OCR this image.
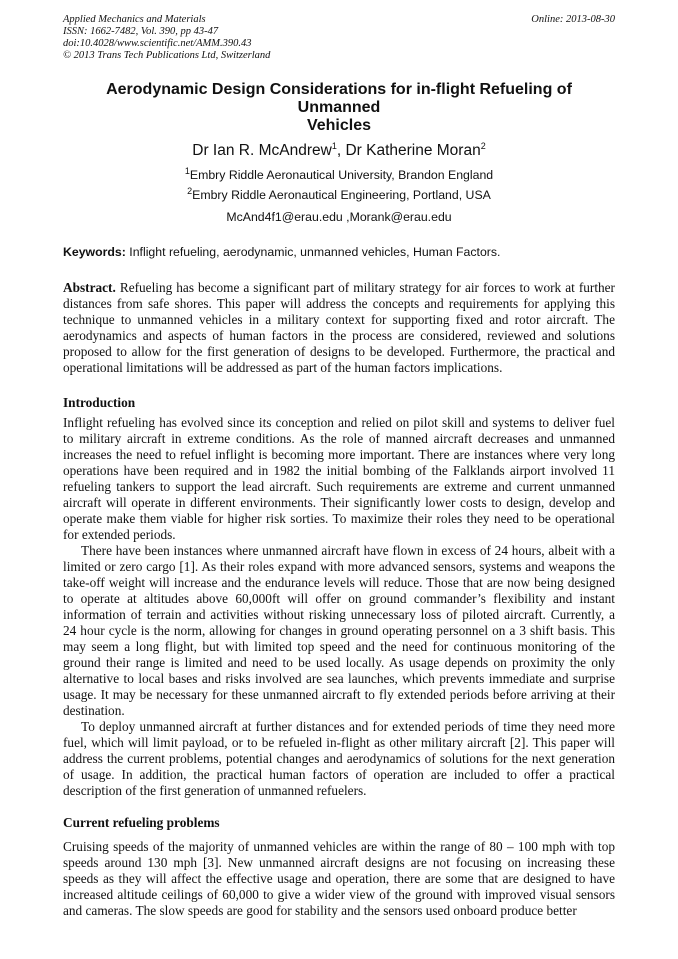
Online: 2013-08-30
Applied Mechanics and Materials
ISSN: 1662-7482, Vol. 390, pp 43-47
doi:10.4028/www.scientific.net/AMM.390.43
© 2013 Trans Tech Publications Ltd, Switzerland
Aerodynamic Design Considerations for in-flight Refueling of Unmanned
Vehicles
Dr Ian R. McAndrew$^1$, Dr Katherine Moran$^2$
$^1$Embry Riddle Aeronautical University, Brandon England
$^2$Embry Riddle Aeronautical Engineering, Portland, USA
McAnd4f1@erau.edu ,Morank@erau.edu
Keywords: Inflight refueling, aerodynamic, unmanned vehicles, Human Factors.
Abstract. Refueling has become a significant part of military strategy for air forces to work at further
distances from safe shores. This paper will address the concepts and requirements for applying this
technique to unmanned vehicles in a military context for supporting fixed and rotor aircraft. The
aerodynamics and aspects of human factors in the process are considered, reviewed and solutions
proposed to allow for the first generation of designs to be developed. Furthermore, the practical and
operational limitations will be addressed as part of the human factors implications.
Introduction
Inflight refueling has evolved since its conception and relied on pilot skill and systems to deliver fuel
to military aircraft in extreme conditions. As the role of manned aircraft decreases and unmanned
increases the need to refuel inflight is becoming more important. There are instances where very long
operations have been required and in 1982 the initial bombing of the Falklands airport involved 11
refueling tankers to support the lead aircraft. Such requirements are extreme and current unmanned
aircraft will operate in different environments. Their significantly lower costs to design, develop and
operate make them viable for higher risk sorties. To maximize their roles they need to be operational
for extended periods.
There have been instances where unmanned aircraft have flown in excess of 24 hours, albeit with a
limited or zero cargo [1]. As their roles expand with more advanced sensors, systems and weapons the
take-off weight will increase and the endurance levels will reduce. Those that are now being designed
to operate at altitudes above 60,000ft will offer on ground commander’s flexibility and instant
information of terrain and activities without risking unnecessary loss of piloted aircraft. Currently, a
24 hour cycle is the norm, allowing for changes in ground operating personnel on a 3 shift basis. This
may seem a long flight, but with limited top speed and the need for continuous monitoring of the
ground their range is limited and need to be used locally. As usage depends on proximity the only
alternative to local bases and risks involved are sea launches, which prevents immediate and surprise
usage. It may be necessary for these unmanned aircraft to fly extended periods before arriving at their
destination.
To deploy unmanned aircraft at further distances and for extended periods of time they need more
fuel, which will limit payload, or to be refueled in-flight as other military aircraft [2]. This paper will
address the current problems, potential changes and aerodynamics of solutions for the next generation
of usage. In addition, the practical human factors of operation are included to offer a practical
description of the first generation of unmanned refuelers.
Current refueling problems
Cruising speeds of the majority of unmanned vehicles are within the range of 80 – 100 mph with top
speeds around 130 mph [3]. New unmanned aircraft designs are not focusing on increasing these
speeds as they will affect the effective usage and operation, there are some that are designed to have
increased altitude ceilings of 60,000 to give a wider view of the ground with improved visual sensors
and cameras. The slow speeds are good for stability and the sensors used onboard produce better
